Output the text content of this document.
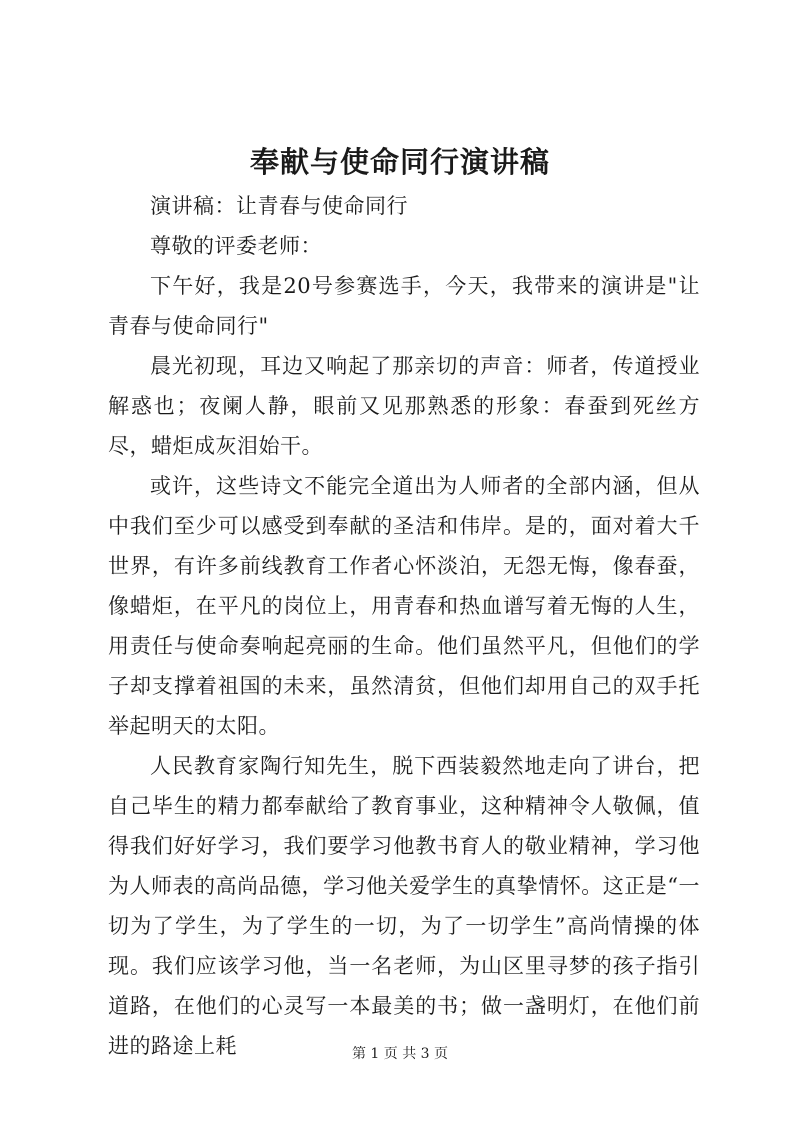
奉献与使命同行演讲稿

演讲稿：让青春与使命同行

尊敬的评委老师：

下午好，我是20号参赛选手，今天，我带来的演讲是"让青春与使命同行"

晨光初现，耳边又响起了那亲切的声音：师者，传道授业解惑也；夜阑人静，眼前又见那熟悉的形象：春蚕到死丝方尽，蜡炬成灰泪始干。

或许，这些诗文不能完全道出为人师者的全部内涵，但从中我们至少可以感受到奉献的圣洁和伟岸。是的，面对着大千世界，有许多前线教育工作者心怀淡泊，无怨无悔，像春蚕，像蜡炬，在平凡的岗位上，用青春和热血谱写着无悔的人生，用责任与使命奏响起亮丽的生命。他们虽然平凡，但他们的学子却支撑着祖国的未来，虽然清贫，但他们却用自己的双手托举起明天的太阳。

人民教育家陶行知先生，脱下西装毅然地走向了讲台，把自己毕生的精力都奉献给了教育事业，这种精神令人敬佩，值得我们好好学习，我们要学习他教书育人的敬业精神，学习他为人师表的高尚品德，学习他关爱学生的真挚情怀。这正是“一切为了学生，为了学生的一切，为了一切学生”高尚情操的体现。我们应该学习他，当一名老师，为山区里寻梦的孩子指引道路，在他们的心灵写一本最美的书；做一盏明灯，在他们前进的路途上耗	第 1 页 共 3 页
